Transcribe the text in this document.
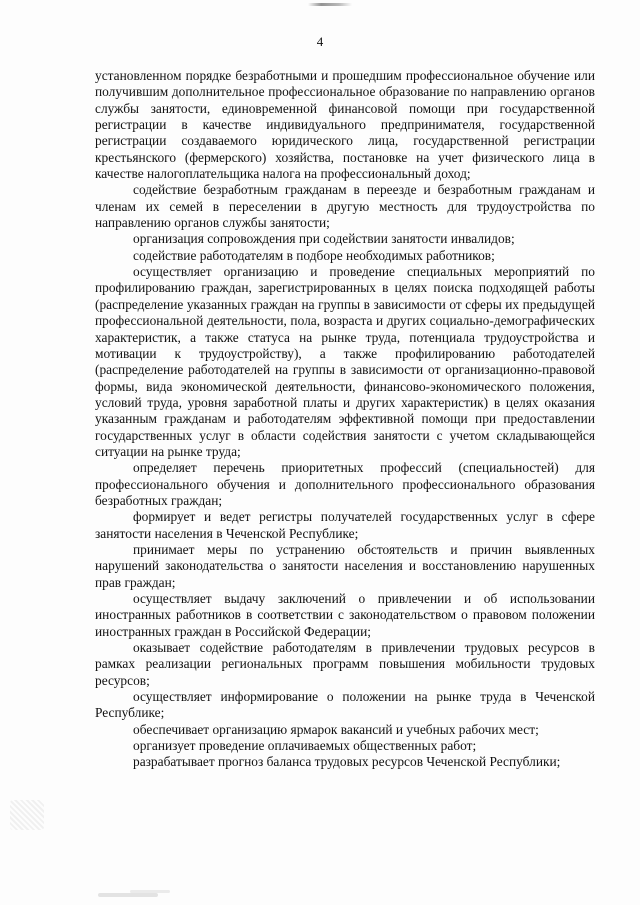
4

установленном порядке безработными и прошедшим профессиональное обучение или получившим дополнительное профессиональное образование по направлению органов службы занятости, единовременной финансовой помощи при государственной регистрации в качестве индивидуального предпринимателя, государственной регистрации создаваемого юридического лица, государственной регистрации крестьянского (фермерского) хозяйства, постановке на учет физического лица в качестве налогоплательщика налога на профессиональный доход;

содействие безработным гражданам в переезде и безработным гражданам и членам их семей в переселении в другую местность для трудоустройства по направлению органов службы занятости;

организация сопровождения при содействии занятости инвалидов;

содействие работодателям в подборе необходимых работников;

осуществляет организацию и проведение специальных мероприятий по профилированию граждан, зарегистрированных в целях поиска подходящей работы (распределение указанных граждан на группы в зависимости от сферы их предыдущей профессиональной деятельности, пола, возраста и других социально-демографических характеристик, а также статуса на рынке труда, потенциала трудоустройства и мотивации к трудоустройству), а также профилированию работодателей (распределение работодателей на группы в зависимости от организационно-правовой формы, вида экономической деятельности, финансово-экономического положения, условий труда, уровня заработной платы и других характеристик) в целях оказания указанным гражданам и работодателям эффективной помощи при предоставлении государственных услуг в области содействия занятости с учетом складывающейся ситуации на рынке труда;

определяет перечень приоритетных профессий (специальностей) для профессионального обучения и дополнительного профессионального образования безработных граждан;

формирует и ведет регистры получателей государственных услуг в сфере занятости населения в Чеченской Республике;

принимает меры по устранению обстоятельств и причин выявленных нарушений законодательства о занятости населения и восстановлению нарушенных прав граждан;

осуществляет выдачу заключений о привлечении и об использовании иностранных работников в соответствии с законодательством о правовом положении иностранных граждан в Российской Федерации;

оказывает содействие работодателям в привлечении трудовых ресурсов в рамках реализации региональных программ повышения мобильности трудовых ресурсов;

осуществляет информирование о положении на рынке труда в Чеченской Республике;

обеспечивает организацию ярмарок вакансий и учебных рабочих мест;

организует проведение оплачиваемых общественных работ;

разрабатывает прогноз баланса трудовых ресурсов Чеченской Республики;
